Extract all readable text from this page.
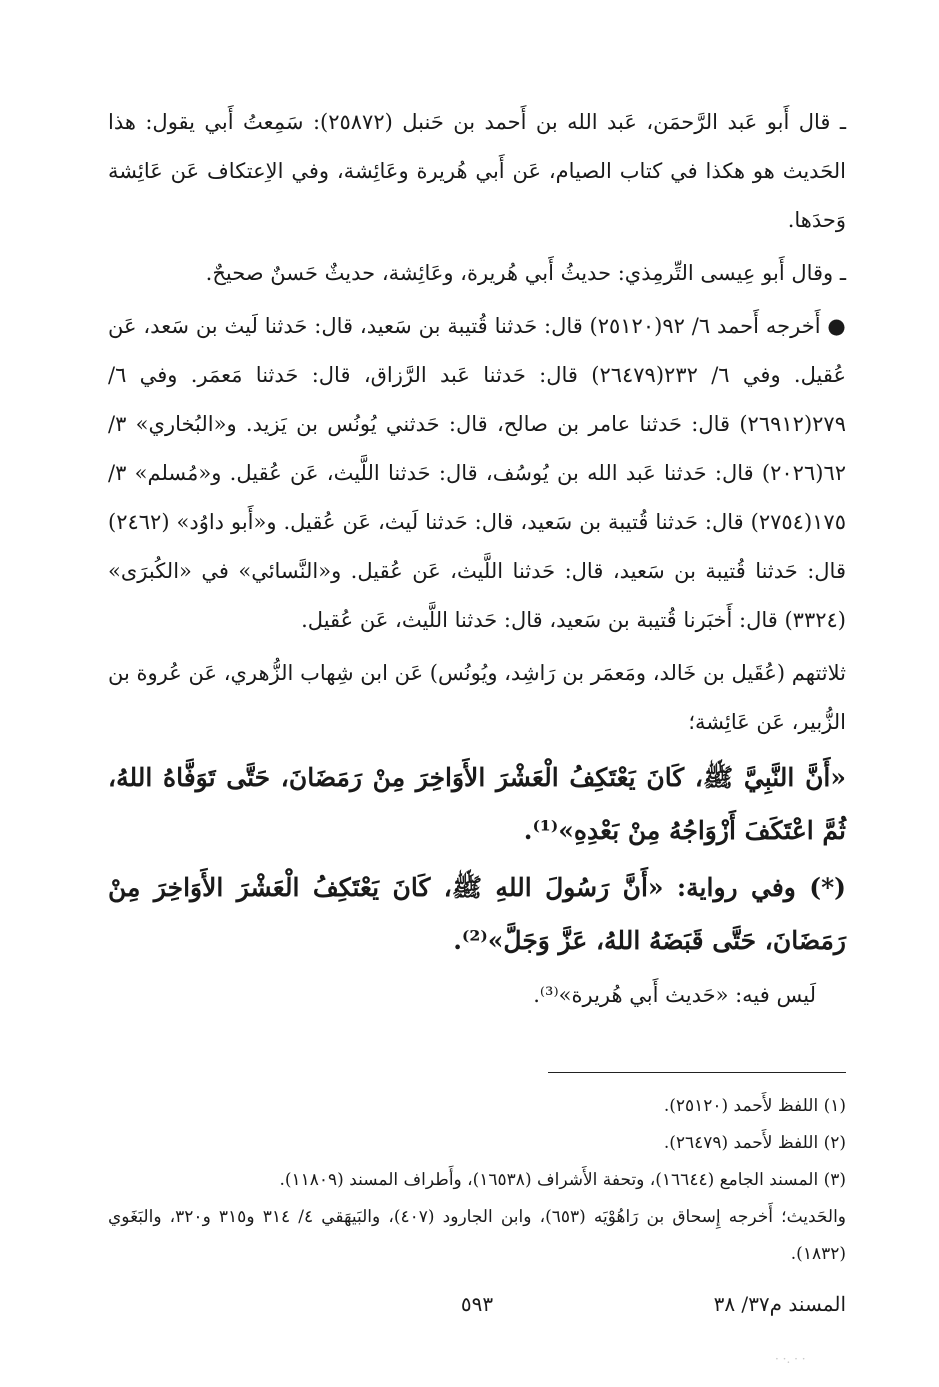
ـ قال أَبو عَبد الرَّحمَن، عَبد الله بن أَحمد بن حَنبل (٢٥٨٧٢): سَمِعتُ أَبي يقول: هذا الحَديث هو هكذا في كتاب الصيام، عَن أَبي هُريرة وعَائِشة، وفي الاِعتكاف عَن عَائِشة وَحدَها.

ـ وقال أَبو عِيسى التِّرمِذي: حديثُ أَبي هُريرة، وعَائِشة، حديثٌ حَسنٌ صحيحٌ.

● أَخرجه أَحمد ٦/ ٩٢(٢٥١٢٠) قال: حَدثنا قُتيبة بن سَعيد، قال: حَدثنا لَيث بن سَعد، عَن عُقيل. وفي ٦/ ٢٣٢(٢٦٤٧٩) قال: حَدثنا عَبد الرَّزاق، قال: حَدثنا مَعمَر. وفي ٦/ ٢٧٩(٢٦٩١٢) قال: حَدثنا عامر بن صالح، قال: حَدثني يُونُس بن يَزيد. و«البُخاري» ٣/ ٦٢(٢٠٢٦) قال: حَدثنا عَبد الله بن يُوسُف، قال: حَدثنا اللَّيث، عَن عُقيل. و«مُسلم» ٣/ ١٧٥(٢٧٥٤) قال: حَدثنا قُتيبة بن سَعيد، قال: حَدثنا لَيث، عَن عُقيل. و«أَبو داوُد» (٢٤٦٢) قال: حَدثنا قُتيبة بن سَعيد، قال: حَدثنا اللَّيث، عَن عُقيل. و«النَّسائي» في «الكُبرَى» (٣٣٢٤) قال: أَخبَرنا قُتيبة بن سَعيد، قال: حَدثنا اللَّيث، عَن عُقيل.

ثلاثتهم (عُقَيل بن خَالد، ومَعمَر بن رَاشِد، ويُونُس) عَن ابن شِهاب الزُّهري، عَن عُروة بن الزُّبير، عَن عَائِشة؛

«أَنَّ النَّبِيَّ ﷺ، كَانَ يَعْتَكِفُ الْعَشْرَ الأَوَاخِرَ مِنْ رَمَضَانَ، حَتَّى تَوَفَّاهُ اللهُ، ثُمَّ اعْتَكَفَ أَزْوَاجُهُ مِنْ بَعْدِهِ»⁽¹⁾.

(*) وفي رواية: «أَنَّ رَسُولَ اللهِ ﷺ، كَانَ يَعْتَكِفُ الْعَشْرَ الأَوَاخِرَ مِنْ رَمَضَانَ، حَتَّى قَبَضَهُ اللهُ، عَزَّ وَجَلَّ»⁽²⁾.

لَيس فيه: «حَديث أَبي هُريرة»⁽³⁾.

(١) اللفظ لأَحمد (٢٥١٢٠).

(٢) اللفظ لأَحمد (٢٦٤٧٩).

(٣) المسند الجامع (١٦٦٤٤)، وتحفة الأَشراف (١٦٥٣٨)، وأَطراف المسند (١١٨٠٩).

والحَديث؛ أَخرجه إِسحاق بن رَاهُوْيَه (٦٥٣)، وابن الجارود (٤٠٧)، والبَيهَقي ٤/ ٣١٤ و٣١٥ و٣٢٠، والبَغَوي (١٨٣٢).

المسند م٣٧/ ٣٨
٥٩٣
· ·. · ·
